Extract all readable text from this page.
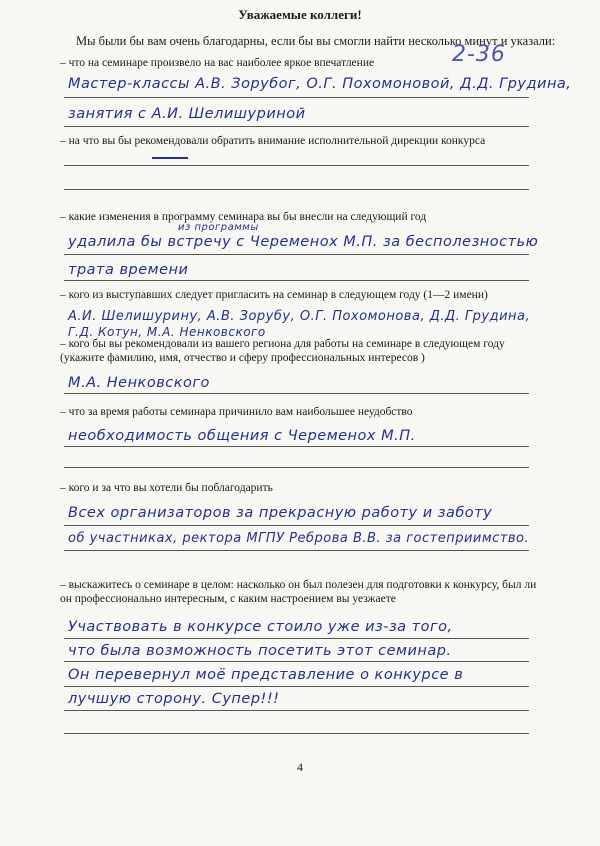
Уважаемые коллеги!
Мы были бы вам очень благодарны, если бы вы смогли найти несколько минут и указали:
2-36
– что на семинаре произвело на вас наиболее яркое впечатление
Мастер-классы А.В. Зорубог, О.Г. Похомоновой, Д.Д. Грудина,
занятия с А.И. Шелишуриной
– на что вы бы рекомендовали обратить внимание исполнительной дирекции конкурса
– какие изменения в программу семинара вы бы внесли на следующий год
из программы
удалила бы встречу с Череменох М.П. за бесполезностью
трата времени
– кого из выступавших следует пригласить на семинар в следующем году (1—2 имени)
А.И. Шелишурину, А.В. Зорубу, О.Г. Похомонова, Д.Д. Грудина,
Г.Д. Котун, М.А. Ненковского
– кого бы вы рекомендовали из вашего региона для работы на семинаре в следующем году (укажите фамилию, имя, отчество и сферу профессиональных интересов )
М.А. Ненковского
– что за время работы семинара причинило вам наибольшее неудобство
необходимость общения с Череменох М.П.
– кого и за что вы хотели бы поблагодарить
Всех организаторов за прекрасную работу и заботу
об участниках, ректора МГПУ Реброва В.В. за гостеприимство.
– выскажитесь о семинаре в целом: насколько он был полезен для подготовки к конкурсу, был ли он профессионально интересным, с каким настроением вы уезжаете
Участвовать в конкурсе стоило уже из-за того,
что была возможность посетить этот семинар.
Он перевернул моё представление о конкурсе в
лучшую сторону. Супер!!!
4
